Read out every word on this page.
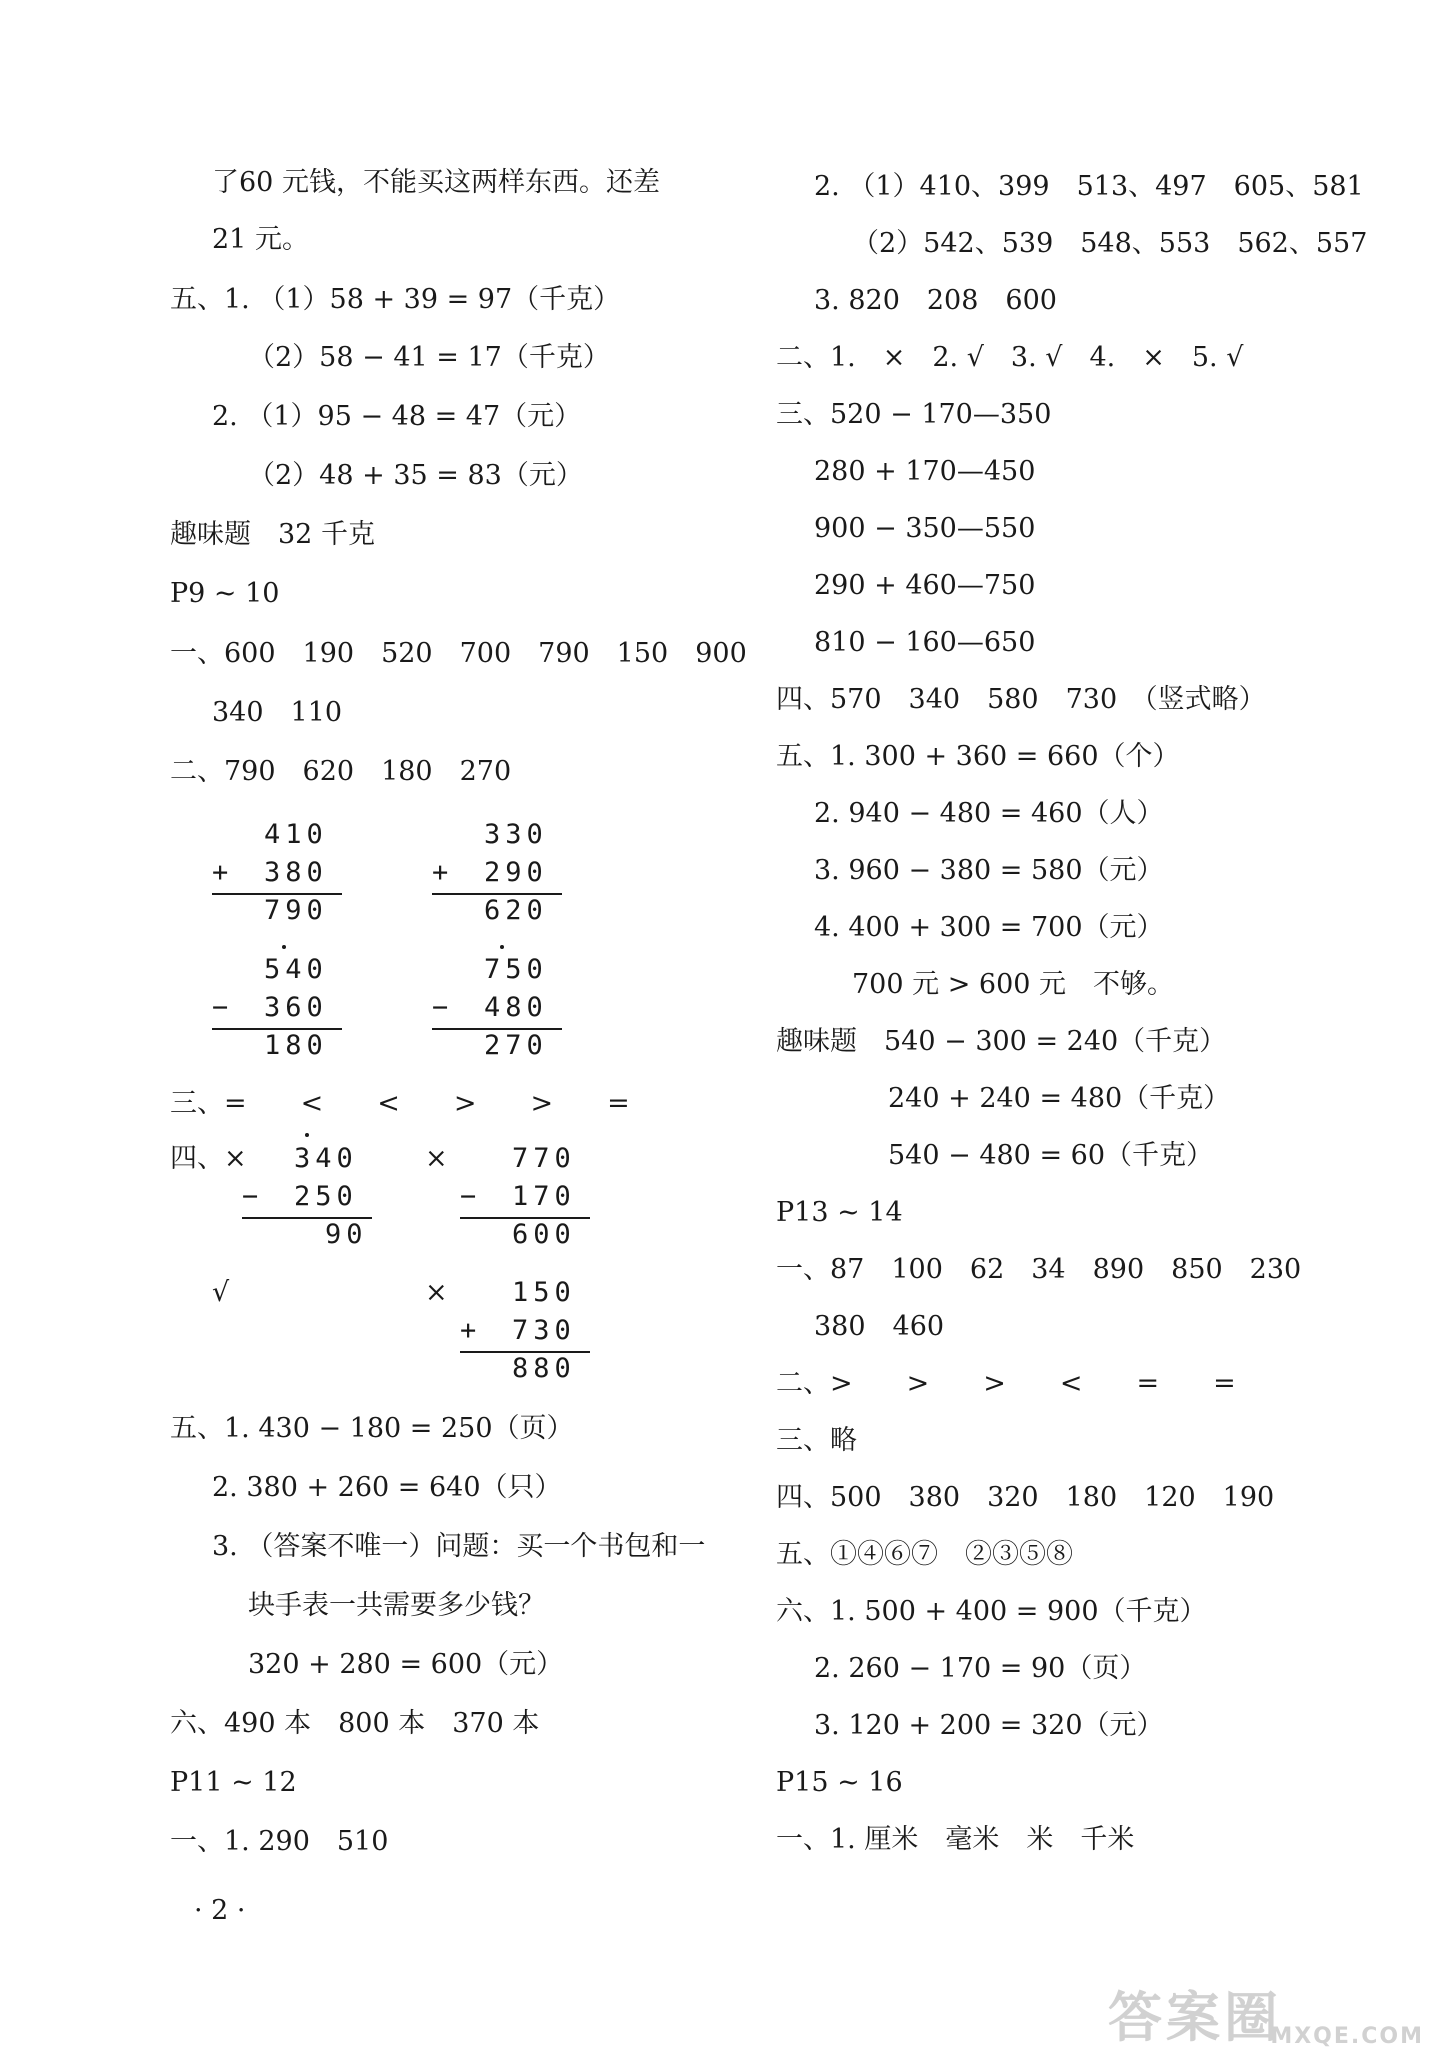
了60 元钱，不能买这两样东西。还差
21 元。
五、1. （1）58 + 39 = 97（千克）
（2）58 − 41 = 17（千克）
2. （1）95 − 48 = 47（元）
（2）48 + 35 = 83（元）
趣味题　32 千克
P9 ~ 10
一、600　190　520　700　790　150　900
340　110
二、790　620　180　270
410
+ 380
790
330
+ 290
620
540
− 360
180
750
− 480
270
三、=　　<　　<　　>　　>　　=
四、×	340
− 250
90
×	770
− 170
600
√	×	150
+ 730
880
五、1. 430 − 180 = 250（页）
2. 380 + 260 = 640（只）
3. （答案不唯一）问题：买一个书包和一
块手表一共需要多少钱？
320 + 280 = 600（元）
六、490 本　800 本　370 本
P11 ~ 12
一、1. 290　510
· 2 ·
2. （1）410、399　513、497　605、581
（2）542、539　548、553　562、557
3. 820　208　600
二、1.　×　2. √　3. √　4.　×　5. √
三、520 − 170—350
280 + 170—450
900 − 350—550
290 + 460—750
810 − 160—650
四、570　340　580　730　（竖式略）
五、1. 300 + 360 = 660（个）
2. 940 − 480 = 460（人）
3. 960 − 380 = 580（元）
4. 400 + 300 = 700（元）
700 元 > 600 元　不够。
趣味题　540 − 300 = 240（千克）
240 + 240 = 480（千克）
540 − 480 = 60（千克）
P13 ~ 14
一、87　100　62　34　890　850　230
380　460
二、>　　>　　>　　<　　=　　=
三、略
四、500　380　320　180　120　190
五、①④⑥⑦　②③⑤⑧
六、1. 500 + 400 = 900（千克）
2. 260 − 170 = 90（页）
3. 120 + 200 = 320（元）
P15 ~ 16
一、1. 厘米　毫米　米　千米
答案圈
MXQE.COM
